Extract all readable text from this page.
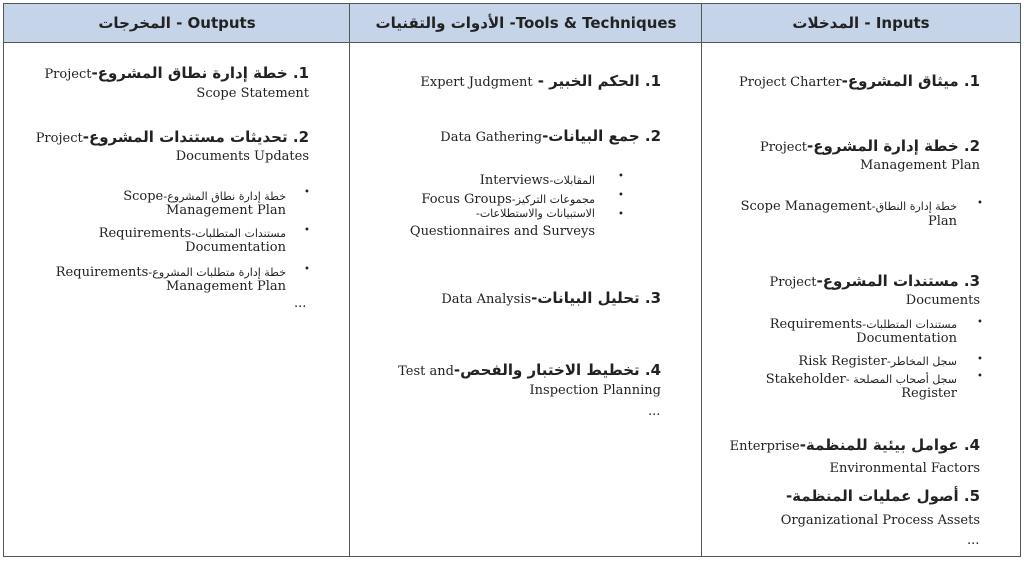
Outputs - المخرجات	Tools & Techniques- الأدوات والتقنيات	Inputs - المدخلات
1. خطة إدارة نطاق المشروع-Project
Scope Statement
2. تحديثات مستندات المشروع-Project
Documents Updates
•
خطة إدارة نطاق المشروع-Scope
Management Plan
•
مستندات المتطلبات-Requirements
Documentation
•
خطة إدارة متطلبات المشروع-Requirements
Management Plan
...
1. الحكم الخبير - Expert Judgment
2. جمع البيانات-Data Gathering
•
المقابلات-Interviews
•
مجموعات التركيز-Focus Groups
•
الاستبيانات والاستطلاعات-
Questionnaires and Surveys
3. تحليل البيانات-Data Analysis
4. تخطيط الاختبار والفحص-Test and
Inspection Planning
...
1. ميثاق المشروع-Project Charter
2. خطة إدارة المشروع-Project
Management Plan
•
خطة إدارة النطاق-Scope Management
Plan
3. مستندات المشروع-Project
Documents
•
مستندات المتطلبات-Requirements
Documentation
•
سجل المخاطر-Risk Register
•
سجل أصحاب المصلحة -Stakeholder
Register
4. عوامل بيئية للمنظمة-Enterprise
Environmental Factors
5. أصول عمليات المنظمة-
Organizational Process Assets
...
